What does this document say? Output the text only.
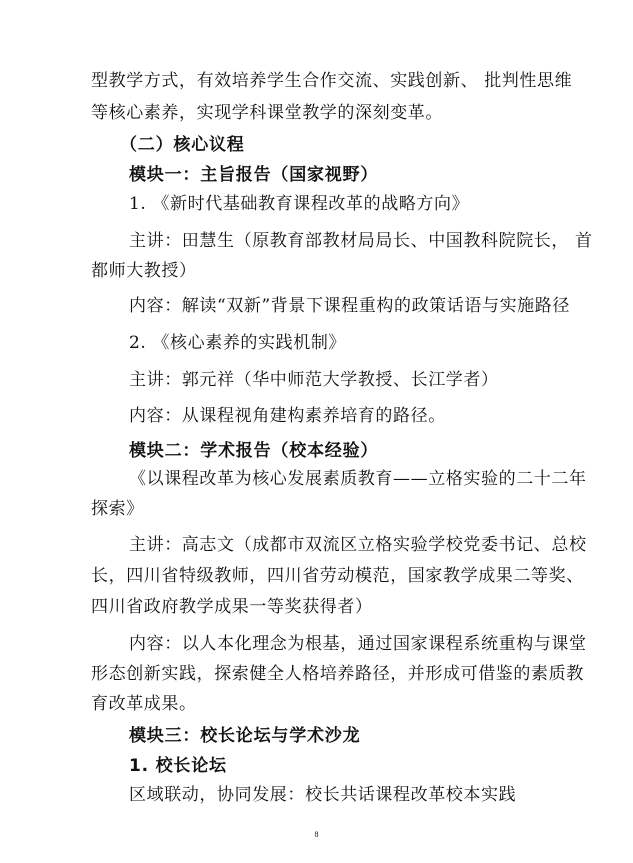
型教学方式，有效培养学生合作交流、实践创新、 批判性思维
等核心素养，实现学科课堂教学的深刻变革。
（二）核心议程
模块一：主旨报告（国家视野）
1. 《新时代基础教育课程改革的战略方向》
主讲：田慧生（原教育部教材局局长、中国教科院院长， 首
都师大教授）
内容：解读“双新”背景下课程重构的政策话语与实施路径
2. 《核心素养的实践机制》
主讲：郭元祥（华中师范大学教授、长江学者）
内容：从课程视角建构素养培育的路径。
模块二：学术报告（校本经验）
《以课程改革为核心发展素质教育——立格实验的二十二年
探索》
主讲：高志文（成都市双流区立格实验学校党委书记、总校
长，四川省特级教师，四川省劳动模范，国家教学成果二等奖、
四川省政府教学成果一等奖获得者）
内容：以人本化理念为根基，通过国家课程系统重构与课堂
形态创新实践，探索健全人格培养路径，并形成可借鉴的素质教
育改革成果。
模块三：校长论坛与学术沙龙
1. 校长论坛
区域联动，协同发展：校长共话课程改革校本实践
8
